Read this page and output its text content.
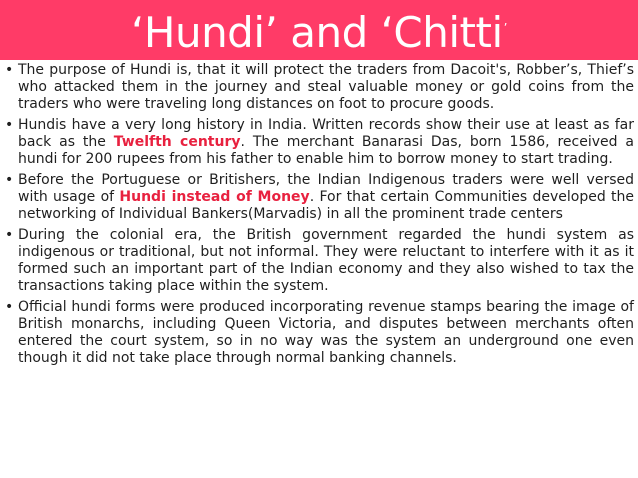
‘Hundi’ and ‘Chitti’
• The purpose of Hundi is, that it will protect the traders from Dacoit's, Robber’s, Thief’s who attacked them in the journey and steal valuable money or gold coins from the traders who were traveling long distances on foot to procure goods.
• Hundis have a very long history in India. Written records show their use at least as far back as the Twelfth century. The merchant Banarasi Das, born 1586, received a hundi for 200 rupees from his father to enable him to borrow money to start trading.
• Before the Portuguese or Britishers, the Indian Indigenous traders were well versed with usage of Hundi instead of Money. For that certain Communities developed the networking of Individual Bankers(Marvadis) in all the prominent trade centers
• During the colonial era, the British government regarded the hundi system as indigenous or traditional, but not informal. They were reluctant to interfere with it as it formed such an important part of the Indian economy and they also wished to tax the transactions taking place within the system.
• Official hundi forms were produced incorporating revenue stamps bearing the image of British monarchs, including Queen Victoria, and disputes between merchants often entered the court system, so in no way was the system an underground one even though it did not take place through normal banking channels.
